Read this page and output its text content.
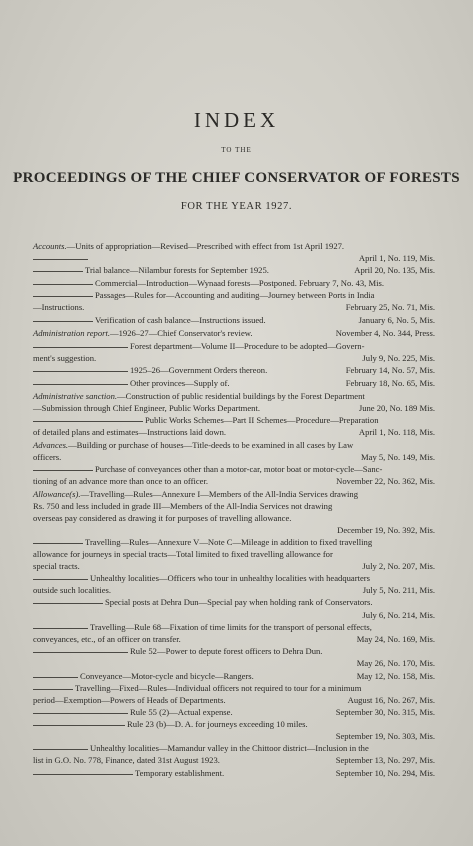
INDEX
TO THE
PROCEEDINGS OF THE CHIEF CONSERVATOR OF FORESTS
FOR THE YEAR 1927.
Accounts.—Units of appropriation—Revised—Prescribed with effect from 1st April 1927.
April 1, No. 119, Mis.
Trial balance—Nilambur forests for September 1925.	April 20, No. 135, Mis.
Commercial—Introduction—Wynaad forests—Postponed. February 7, No. 43, Mis.
Passages—Rules for—Accounting and auditing—Journey between Ports in India
—Instructions.	February 25, No. 71, Mis.
Verification of cash balance—Instructions issued.	January 6, No. 5, Mis.
Administration report.—1926–27—Chief Conservator's review.	November 4, No. 344, Press.
Forest department—Volume II—Procedure to be adopted—Govern-
ment's suggestion.	July 9, No. 225, Mis.
1925–26—Government Orders thereon.	February 14, No. 57, Mis.
Other provinces—Supply of.	February 18, No. 65, Mis.
Administrative sanction.—Construction of public residential buildings by the Forest Department
—Submission through Chief Engineer, Public Works Department.	June 20, No. 189 Mis.
Public Works Schemes—Part II Schemes—Procedure—Preparation
of detailed plans and estimates—Instructions laid down.	April 1, No. 118, Mis.
Advances.—Building or purchase of houses—Title-deeds to be examined in all cases by Law
officers.	May 5, No. 149, Mis.
Purchase of conveyances other than a motor-car, motor boat or motor-cycle—Sanc-
tioning of an advance more than once to an officer.	November 22, No. 362, Mis.
Allowance(s).—Travelling—Rules—Annexure I—Members of the All-India Services drawing
Rs. 750 and less included in grade III—Members of the All-India Services not drawing
overseas pay considered as drawing it for purposes of travelling allowance.
December 19, No. 392, Mis.
Travelling—Rules—Annexure V—Note C—Mileage in addition to fixed travelling
allowance for journeys in special tracts—Total limited to fixed travelling allowance for
special tracts.	July 2, No. 207, Mis.
Unhealthy localities—Officers who tour in unhealthy localities with headquarters
outside such localities.	July 5, No. 211, Mis.
Special posts at Dehra Dun—Special pay when holding rank of Conservators.
July 6, No. 214, Mis.
Travelling—Rule 68—Fixation of time limits for the transport of personal effects,
conveyances, etc., of an officer on transfer.	May 24, No. 169, Mis.
Rule 52—Power to depute forest officers to Dehra Dun.
May 26, No. 170, Mis.
Conveyance—Motor-cycle and bicycle—Rangers.	May 12, No. 158, Mis.
Travelling—Fixed—Rules—Individual officers not required to tour for a minimum
period—Exemption—Powers of Heads of Departments.	August 16, No. 267, Mis.
Rule 55 (2)—Actual expense.	September 30, No. 315, Mis.
Rule 23 (b)—D. A. for journeys exceeding 10 miles.
September 19, No. 303, Mis.
Unhealthy localities—Mamandur valley in the Chittoor district—Inclusion in the
list in G.O. No. 778, Finance, dated 31st August 1923.	September 13, No. 297, Mis.
Temporary establishment.	September 10, No. 294, Mis.
